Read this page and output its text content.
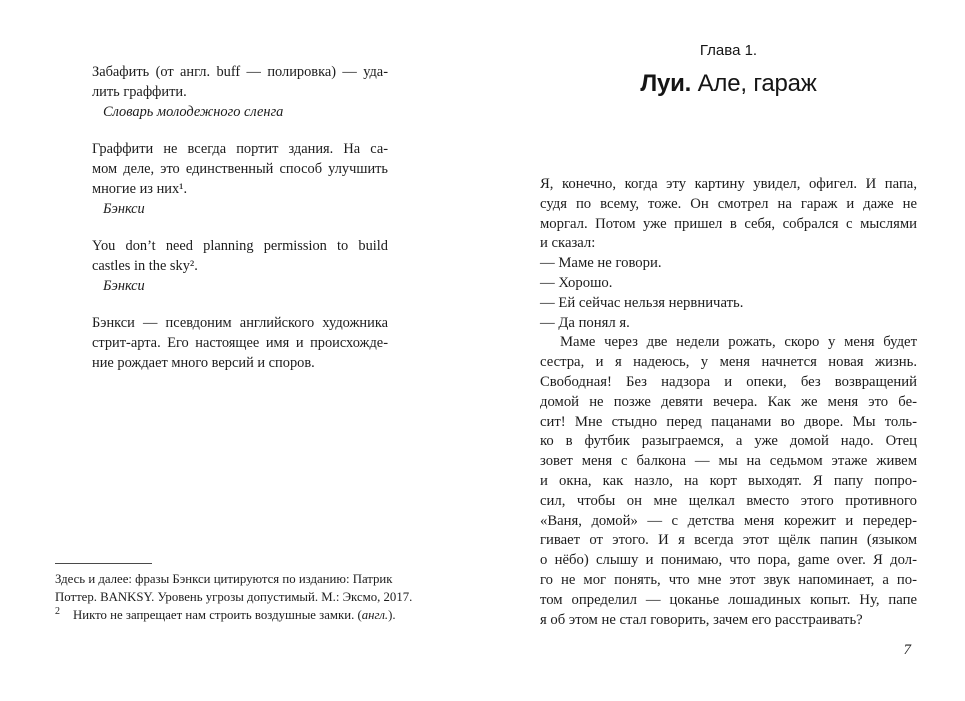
Забафить (от англ. buff — полировка) — уда-
лить граффити.
Словарь молодежного сленга
Граффити не всегда портит здания. На са-
мом деле, это единственный способ улучшить
многие из них¹.
Бэнкси
You don’t need planning permission to build
castles in the sky².
Бэнкси
Бэнкси — псевдоним английского художника
стрит-арта. Его настоящее имя и происхожде-
ние рождает много версий и споров.
Здесь и далее: фразы Бэнкси цитируются по изданию: Патрик
Поттер. BANKSY. Уровень угрозы допустимый. М.: Эксмо, 2017.
$^2$ Никто не запрещает нам строить воздушные замки. (англ.).
Глава 1.
Луи. Але, гараж
Я, конечно, когда эту картину увидел, офигел. И папа,
судя по всему, тоже. Он смотрел на гараж и даже не
моргал. Потом уже пришел в себя, собрался с мыслями
и сказал:
— Маме не говори.
— Хорошо.
— Ей сейчас нельзя нервничать.
— Да понял я.
Маме через две недели рожать, скоро у меня будет
сестра, и я надеюсь, у меня начнется новая жизнь.
Свободная! Без надзора и опеки, без возвращений
домой не позже девяти вечера. Как же меня это бе-
сит! Мне стыдно перед пацанами во дворе. Мы толь-
ко в футбик разыграемся, а уже домой надо. Отец
зовет меня с балкона — мы на седьмом этаже живем
и окна, как назло, на корт выходят. Я папу попро-
сил, чтобы он мне щелкал вместо этого противного
«Ваня, домой» — с детства меня корежит и передер-
гивает от этого. И я всегда этот щёлк папин (языком
о нёбо) слышу и понимаю, что пора, game over. Я дол-
го не мог понять, что мне этот звук напоминает, а по-
том определил — цоканье лошадиных копыт. Ну, папе
я об этом не стал говорить, зачем его расстраивать?
7
